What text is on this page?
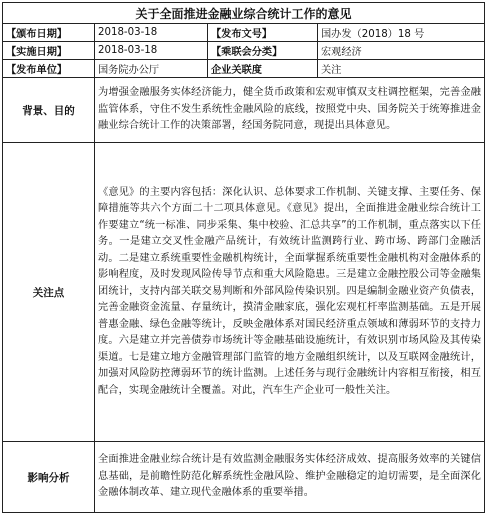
关于全面推进金融业综合统计工作的意见			
【颁布日期】	2018-03-18	【发布文号】	国办发（2018）18 号
【实施日期】	2018-03-18	【乘联会分类】	宏观经济
【发布单位】	国务院办公厅	企业关联度	关注
背景、目的	为增强金融服务实体经济能力，健全货币政策和宏观审慎双支柱调控框架，完善金融监管体系，守住不发生系统性金融风险的底线，按照党中央、国务院关于统筹推进金融业综合统计工作的决策部署，经国务院同意，现提出具体意见。		
关注点	《意见》的主要内容包括：深化认识、总体要求工作机制、关键支撑、主要任务、保障措施等共六个方面二十二项具体意见。《意见》提出，全面推进金融业综合统计工作要建立“统一标准、同步采集、集中校验、汇总共享”的工作机制，重点落实以下任务。一是建立交叉性金融产品统计，有效统计监测跨行业、跨市场、跨部门金融活动。二是建立系统重要性金融机构统计，全面掌握系统重要性金融机构对金融体系的影响程度，及时发现风险传导节点和重大风险隐患。三是建立金融控股公司等金融集团统计，支持内部关联交易判断和外部风险传染识别。四是编制金融业资产负债表，完善金融资金流量、存量统计，摸清金融家底，强化宏观杠杆率监测基础。五是开展普惠金融、绿色金融等统计，反映金融体系对国民经济重点领域和薄弱环节的支持力度。六是建立并完善债券市场统计等金融基础设施统计，有效识别市场风险及其传染渠道。七是建立地方金融管理部门监管的地方金融组织统计，以及互联网金融统计，加强对风险防控薄弱环节的统计监测。上述任务与现行金融统计内容相互衔接，相互配合，实现金融统计全覆盖。对此，汽车生产企业可一般性关注。		
影响分析	全面推进金融业综合统计是有效监测金融服务实体经济成效、提高服务效率的关键信息基础，是前瞻性防范化解系统性金融风险、维护金融稳定的迫切需要，是全面深化金融体制改革、建立现代金融体系的重要举措。		
